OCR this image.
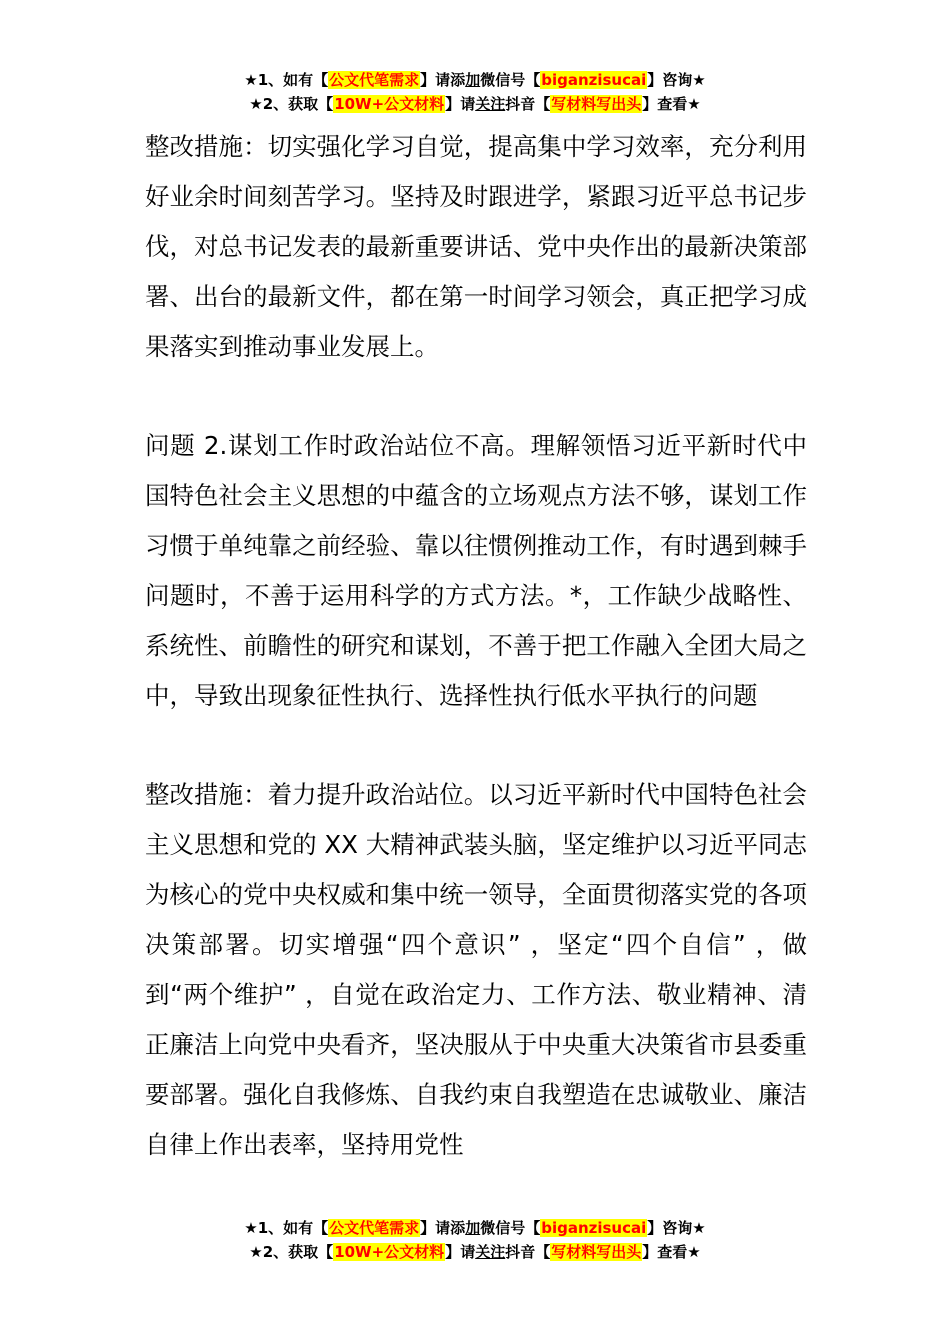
★1、如有【公文代笔需求】请添加微信号【biganzisucai】咨询★
★2、获取【10W+公文材料】请关注抖音【写材料写出头】查看★

整改措施：切实强化学习自觉，提高集中学习效率，充分利用好业余时间刻苦学习。坚持及时跟进学，紧跟习近平总书记步伐，对总书记发表的最新重要讲话、党中央作出的最新决策部署、出台的最新文件，都在第一时间学习领会，真正把学习成果落实到推动事业发展上。

问题 2.谋划工作时政治站位不高。理解领悟习近平新时代中国特色社会主义思想的中蕴含的立场观点方法不够，谋划工作习惯于单纯靠之前经验、靠以往惯例推动工作，有时遇到棘手问题时，不善于运用科学的方式方法。*，工作缺少战略性、系统性、前瞻性的研究和谋划，不善于把工作融入全团大局之中，导致出现象征性执行、选择性执行低水平执行的问题

整改措施：着力提升政治站位。以习近平新时代中国特色社会主义思想和党的 XX 大精神武装头脑，坚定维护以习近平同志为核心的党中央权威和集中统一领导，全面贯彻落实党的各项决策部署。切实增强“四个意识” ，坚定“四个自信” ，做到“两个维护” ，自觉在政治定力、工作方法、敬业精神、清正廉洁上向党中央看齐，坚决服从于中央重大决策省市县委重要部署。强化自我修炼、自我约束自我塑造在忠诚敬业、廉洁自律上作出表率，坚持用党性

★1、如有【公文代笔需求】请添加微信号【biganzisucai】咨询★
★2、获取【10W+公文材料】请关注抖音【写材料写出头】查看★
